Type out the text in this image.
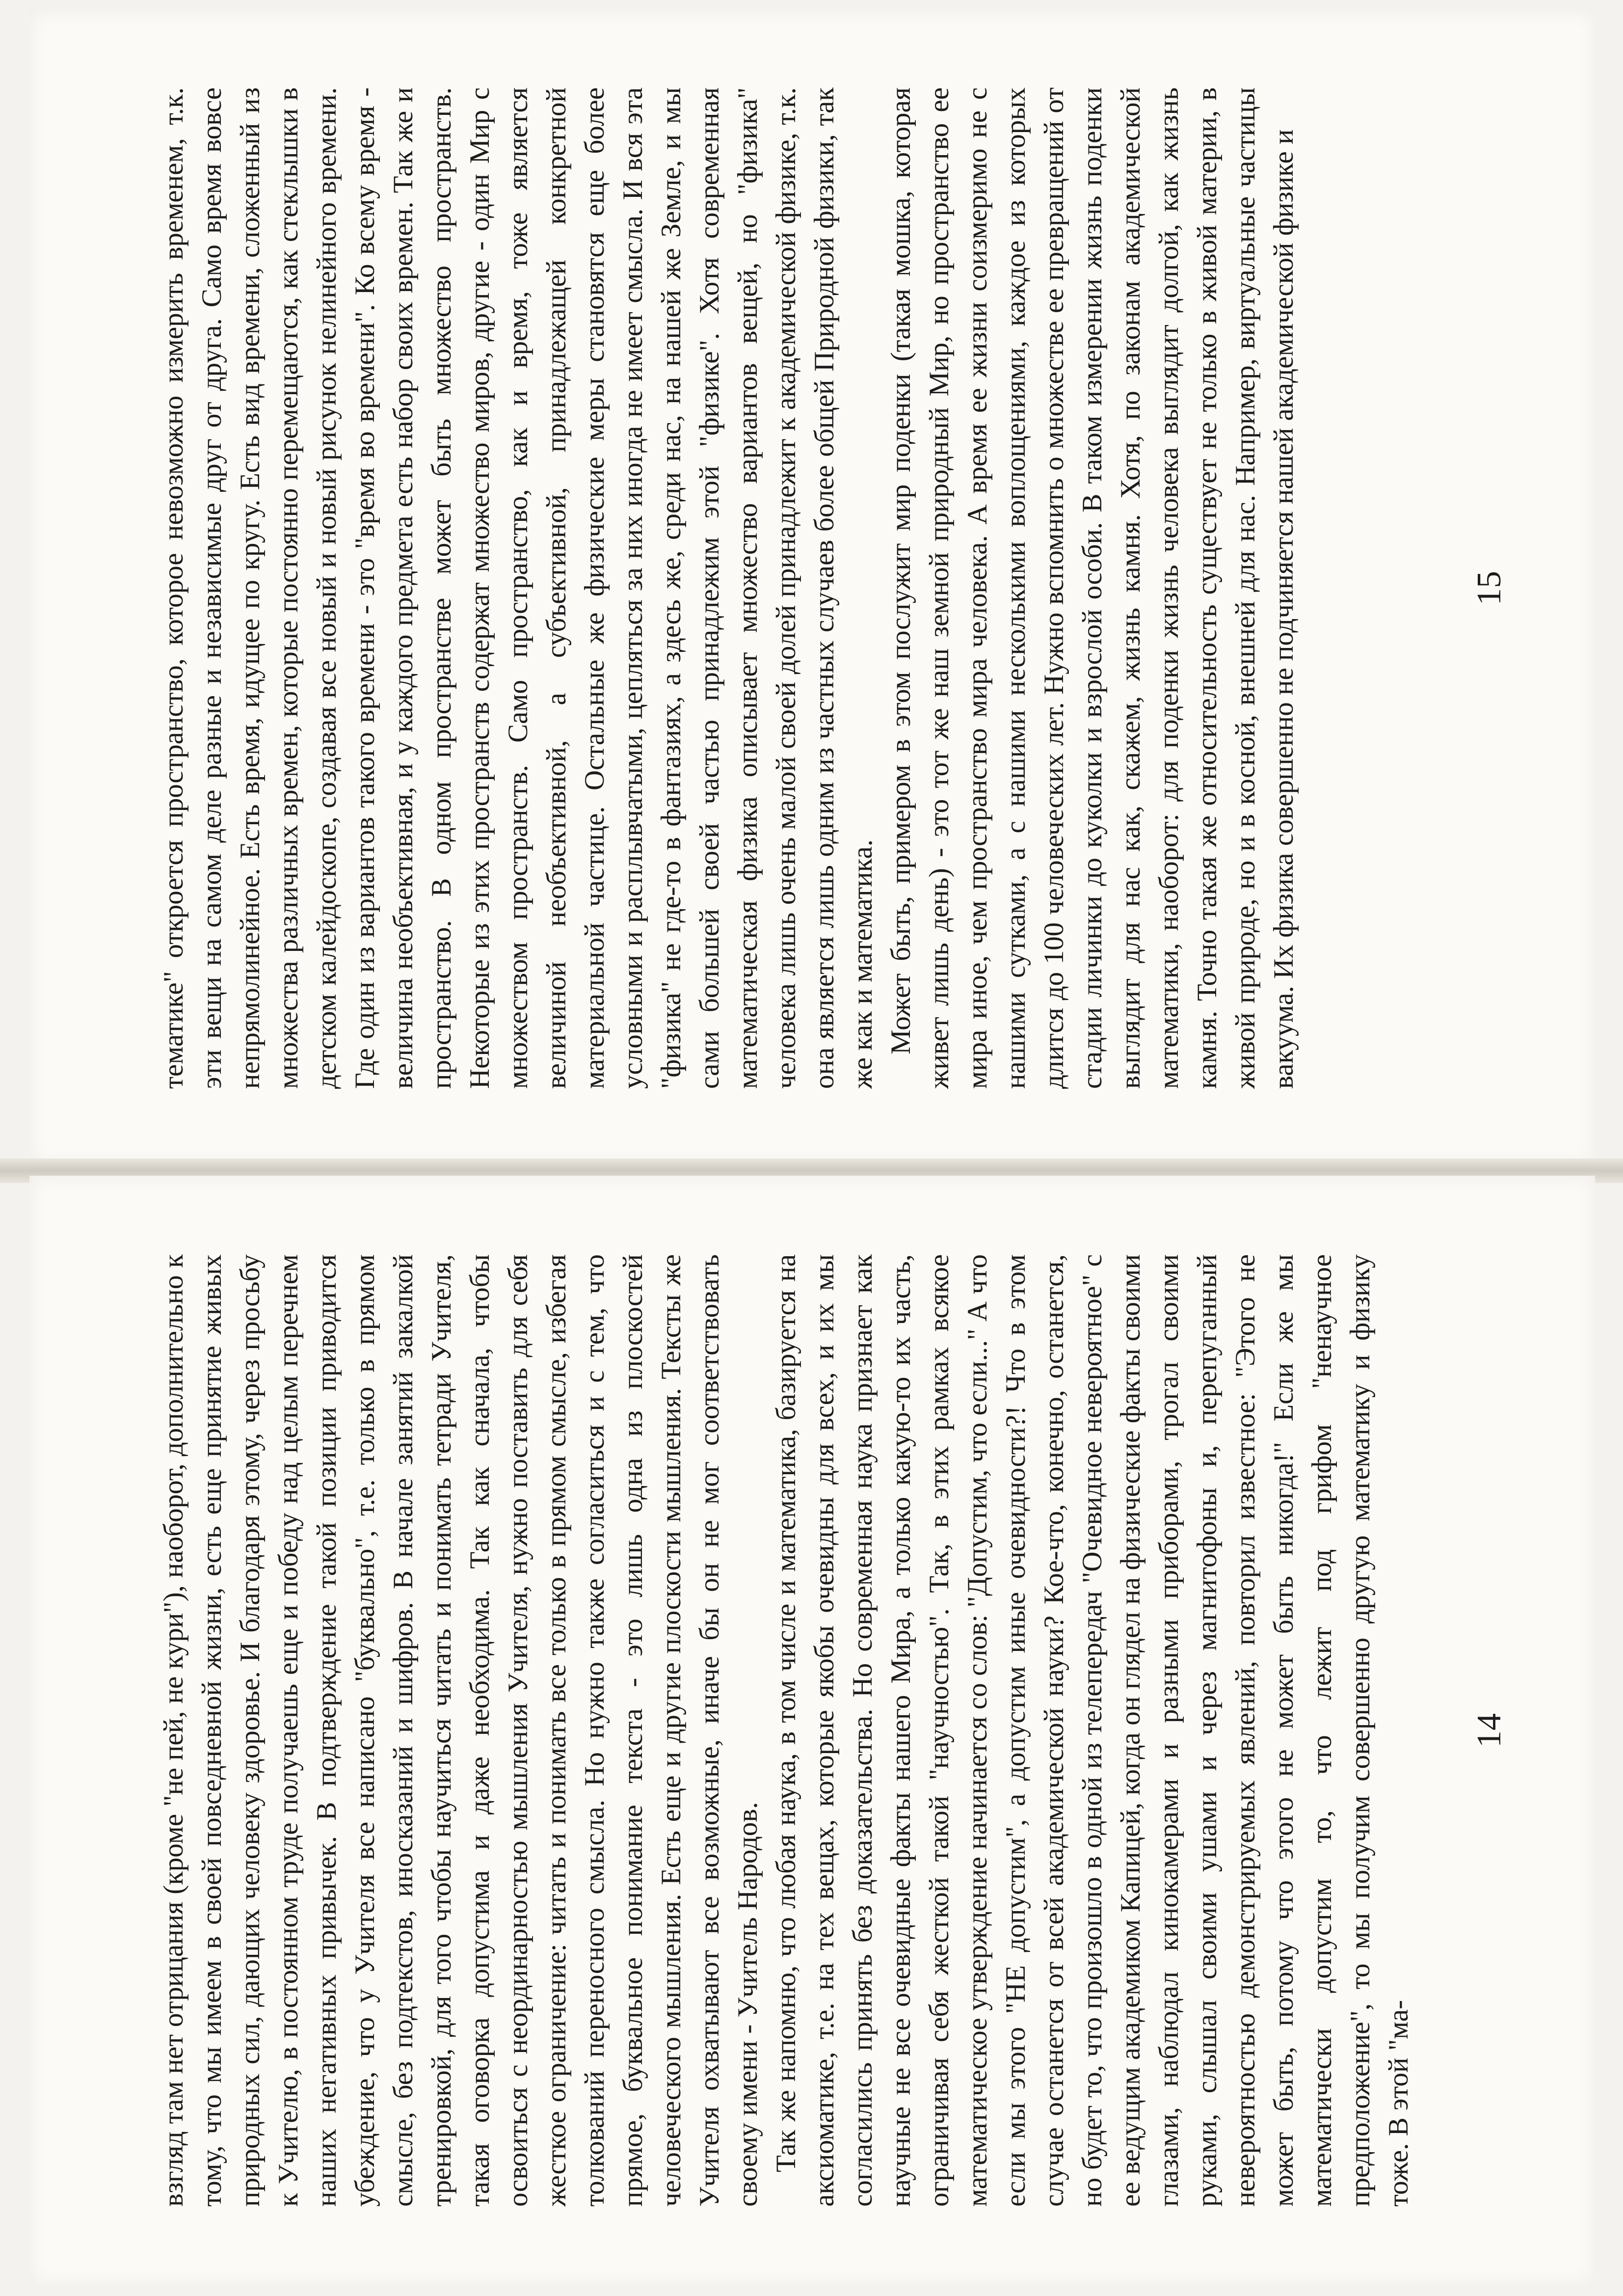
тематике" откроется пространство, которое невозможно измерить временем, т.к. эти вещи на самом деле разные и независимые друг от друга. Само время вовсе непрямолинейное. Есть время, идущее по кругу. Есть вид времени, сложенный из множества различных времен, которые постоянно перемещаются, как стеклышки в детском калейдоскопе, создавая все новый и новый рисунок нелинейного времени. Где один из вариантов такого времени - это "время во времени". Ко всему время - величина необъективная, и у каждого предмета есть набор своих времен. Так же и пространство. В одном пространстве может быть множество пространств. Некоторые из этих пространств содержат множество миров, другие - один Мир с множеством пространств. Само пространство, как и время, тоже является величиной необъективной, а субъективной, принадлежащей конкретной материальной частице. Остальные же физические меры становятся еще более условными и расплывчатыми, цепляться за них иногда не имеет смысла. И вся эта "физика" не где-то в фантазиях, а здесь же, среди нас, на нашей же Земле, и мы сами большей своей частью принадлежим этой "физике". Хотя современная математическая физика описывает множество вариантов вещей, но "физика" человека лишь очень малой своей долей принадлежит к академической физике, т.к. она является лишь одним из частных случаев более общей Природной физики, так же как и математика. Может быть, примером в этом послужит мир поденки (такая мошка, которая живет лишь день) - это тот же наш земной природный Мир, но пространство ее мира иное, чем пространство мира человека. А время ее жизни соизмеримо не с нашими сутками, а с нашими несколькими воплощениями, каждое из которых длится до 100 человеческих лет. Нужно вспомнить о множестве ее превращений от стадии личинки до куколки и взрослой особи. В таком измерении жизнь поденки выглядит для нас как, скажем, жизнь камня. Хотя, по законам академической математики, наоборот: для поденки жизнь человека выглядит долгой, как жизнь камня. Точно такая же относительность существует не только в живой материи, в живой природе, но и в косной, внешней для нас. Например, виртуальные частицы вакуума. Их физика совершенно не подчиняется нашей академической физике и	15

взгляд там нет отрицания (кроме "не пей, не кури"), наоборот, дополнительно к тому, что мы имеем в своей повседневной жизни, есть еще принятие живых природных сил, дающих человеку здоровье. И благодаря этому, через просьбу к Учителю, в постоянном труде получаешь еще и победу над целым перечнем наших негативных привычек. В подтверждение такой позиции приводится убеждение, что у Учителя все написано "буквально", т.е. только в прямом смысле, без подтекстов, иносказаний и шифров. В начале занятий закалкой тренировкой, для того чтобы научиться читать и понимать тетради Учителя, такая оговорка допустима и даже необходима. Так как сначала, чтобы освоиться с неординарностью мышления Учителя, нужно поставить для себя жесткое ограничение: читать и понимать все только в прямом смысле, избегая толкований переносного смысла. Но нужно также согласиться и с тем, что прямое, буквальное понимание текста - это лишь одна из плоскостей человеческого мышления. Есть еще и другие плоскости мышления. Тексты же Учителя охватывают все возможные, иначе бы он не мог соответствовать своему имени - Учитель Народов. Так же напомню, что любая наука, в том числе и математика, базируется на аксиоматике, т.е. на тех вещах, которые якобы очевидны для всех, и их мы согласились принять без доказательства. Но современная наука признает как научные не все очевидные факты нашего Мира, а только какую-то их часть, ограничивая себя жесткой такой "научностью". Так, в этих рамках всякое математическое утверждение начинается со слов: "Допустим, что если..." А что если мы этого "НЕ допустим", а допустим иные очевидности?! Что в этом случае останется от всей академической науки? Кое-что, конечно, останется, но будет то, что произошло в одной из телепередач "Очевидное невероятное" с ее ведущим академиком Капицей, когда он глядел на физические факты своими глазами, наблюдал кинокамерами и разными приборами, трогал своими руками, слышал своими ушами и через магнитофоны и, перепуганный невероятностью демонстрируемых явлений, повторил известное: "Этого не может быть, потому что этого не может быть никогда!" Если же мы математически допустим то, что лежит под грифом "ненаучное предположение", то мы получим совершенно другую математику и физику тоже. В этой "ма-

14
